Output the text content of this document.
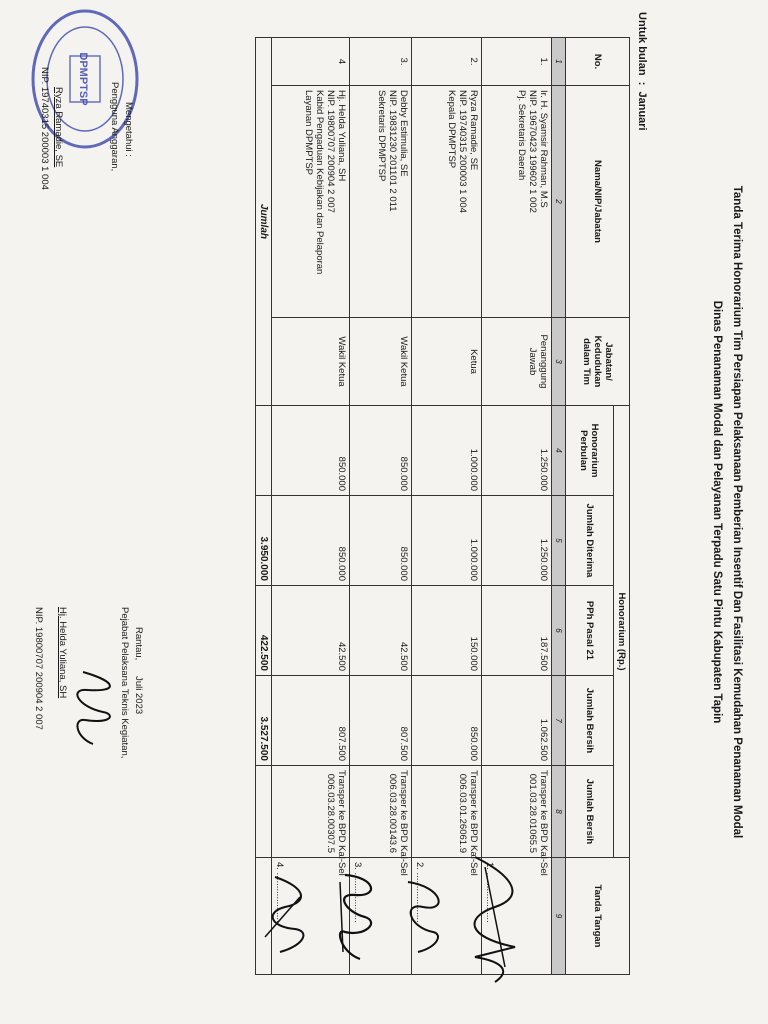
Tanda Terima Honorarium Tim Persiapan Pelaksanaan Pemberian Insentif Dan Fasilitasi Kemudahan Penanaman Modal
Dinas Penanaman Modal dan Pelayanan Terpadu Satu Pintu Kabupaten Tapin
Untuk bulan  :  Januari
No.	Nama/NIP/Jabatan	Jabatan/ Kedudukan dalam Tim	Honorarium (Rp.)					Tanda Tangan
			Honorarium Perbulan	Jumlah Diterima	PPh Pasal 21	Jumlah Bersih	Jumlah Bersih	
1	2	3	4	5	6	7	8	9
1.	Ir. H. Syamsir Rahman, M.S
NIP. 19670423 199602 1 002
Pj. Sekretaris Daerah	Penanggung Jawab	1.250.000	1.250.000	187.500	1.062.500	Transper ke BPD Kal-Sel
001.03.28.01065.5	1. ...................
2.	Ryza Ramadie, SE
NIP. 19740315 200003 1 004
Kepala DPMPTSP	Ketua	1.000.000	1.000.000	150.000	850.000	Transper ke BPD Kal-Sel
006.03.01.26061.9	2. ...................
3.	Debby Estimulia, SE
NIP. 19831230 201101 2 011
Sekretaris DPMPTSP	Wakil Ketua	850.000	850.000	42.500	807.500	Transper ke BPD Kal-Sel
006.03.28.00143.6	3. ...................
4	Hj. Helda Yuliana, SH
NIP. 19800707 200904 2 007
Kabid Pengaduan Kebijakan dan Pelaporan Layanan DPMPTSP	Wakil Ketua	850.000	850.000	42.500	807.500	Transper ke BPD Kal-Sel
006.03.28.00307.5	4. ...................
Jumlah				3.950.000	422.500	3.527.500		
DPMPTSP
Mengetahui :
Pengguna Anggaran,
Ryza Ramadie, SE
NIP. 19740315 200003 1 004
Rantau,      Juli 2023
Pejabat Pelaksana Teknis Kegiatan,
Hj. Helda Yuliana, SH
NIP. 19800707 200904 2 007
